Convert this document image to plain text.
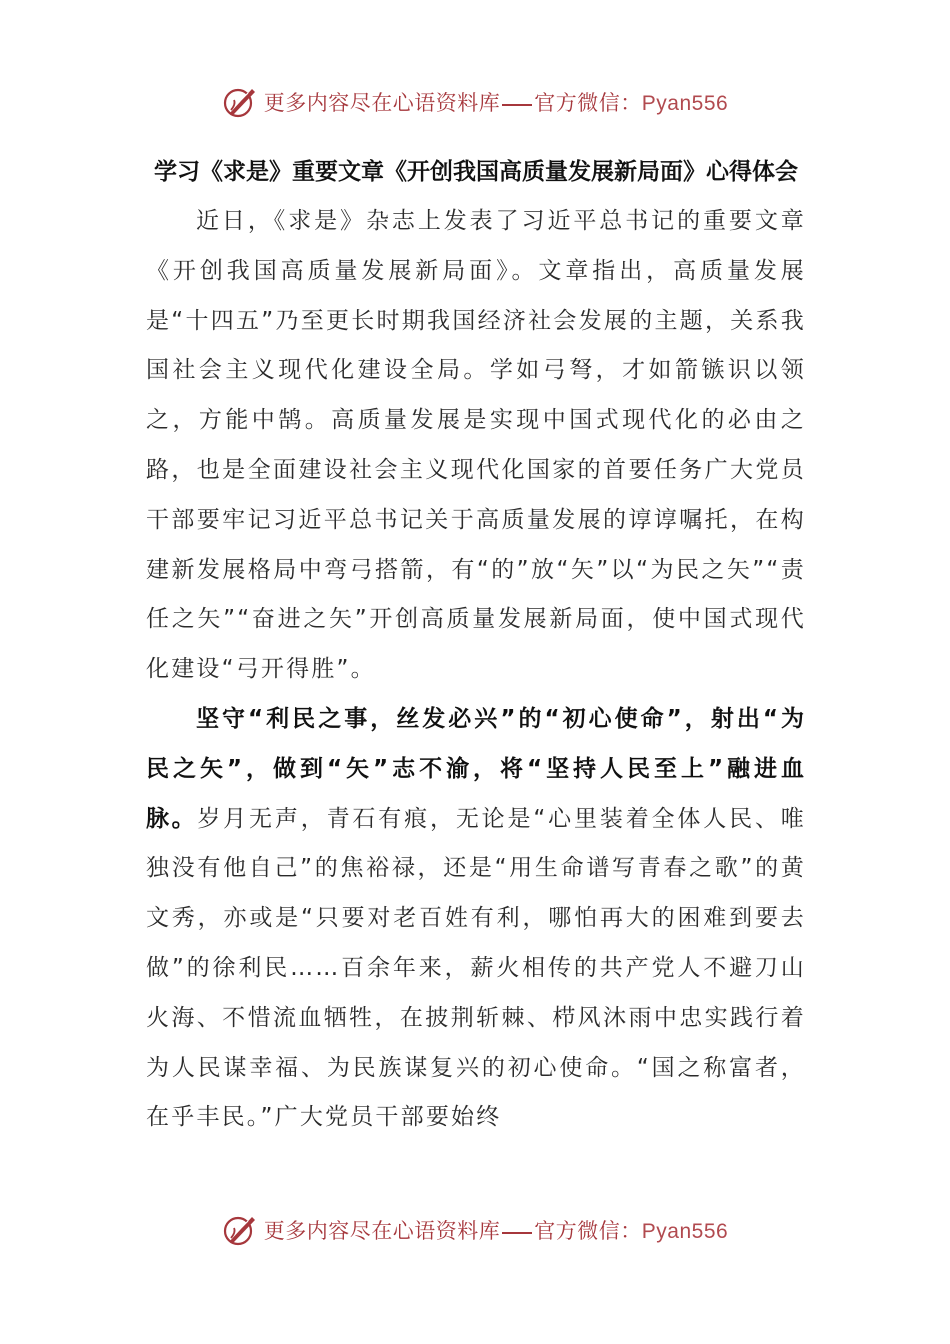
更多内容尽在心语资料库 官方微信：Pyan556
学习《求是》重要文章《开创我国高质量发展新局面》心得体会

近日，《求是》杂志上发表了习近平总书记的重要文章《开创我国高质量发展新局面》。文章指出，高质量发展是“十四五”乃至更长时期我国经济社会发展的主题，关系我国社会主义现代化建设全局。学如弓弩，才如箭镞识以领之，方能中鹄。高质量发展是实现中国式现代化的必由之路，也是全面建设社会主义现代化国家的首要任务广大党员干部要牢记习近平总书记关于高质量发展的谆谆嘱托，在构建新发展格局中弯弓搭箭，有“的”放“矢”以“为民之矢”“责任之矢”“奋进之矢”开创高质量发展新局面，使中国式现代化建设“弓开得胜”。

坚守“利民之事，丝发必兴”的“初心使命”，射出“为民之矢”，做到“矢”志不渝，将“坚持人民至上”融进血脉。岁月无声，青石有痕，无论是“心里装着全体人民、唯独没有他自己”的焦裕禄，还是“用生命谱写青春之歌”的黄文秀，亦或是“只要对老百姓有利，哪怕再大的困难到要去做”的徐利民……百余年来，薪火相传的共产党人不避刀山火海、不惜流血牺牲，在披荆斩棘、栉风沐雨中忠实践行着为人民谋幸福、为民族谋复兴的初心使命。“国之称富者，在乎丰民。”广大党员干部要始终

更多内容尽在心语资料库 官方微信：Pyan556
